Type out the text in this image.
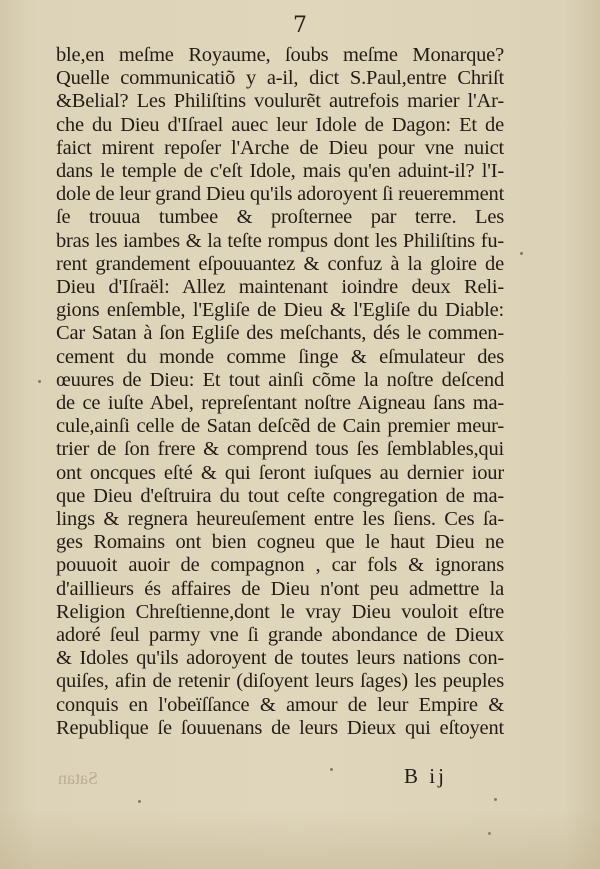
7
ble,en meſme Royaume, ſoubs meſme Monarque?
Quelle communicatiõ y a-il, dict S.Paul,entre Chriſt
&Belial? Les Philiſtins voulurẽt autrefois marier l'Ar-
che du Dieu d'Iſrael auec leur Idole de Dagon: Et de
faict mirent repoſer l'Arche de Dieu pour vne nuict
dans le temple de c'eſt Idole, mais qu'en aduint-il? l'I-
dole de leur grand Dieu qu'ils adoroyent ſi reueremment
ſe trouua tumbee & proſternee par terre. Les
bras les iambes & la teſte rompus dont les Philiſtins fu-
rent grandement eſpouuantez & confuz à la gloire de
Dieu d'Iſraël: Allez maintenant ioindre deux Reli-
gions enſemble, l'Egliſe de Dieu & l'Egliſe du Diable:
Car Satan à ſon Egliſe des meſchants, dés le commen-
cement du monde comme ſinge & eſmulateur des
œuures de Dieu: Et tout ainſi cõme la noſtre deſcend
de ce iuſte Abel, repreſentant noſtre Aigneau ſans ma-
cule,ainſi celle de Satan deſcẽd de Cain premier meur-
trier de ſon frere & comprend tous ſes ſemblables,qui
ont oncques eſté & qui ſeront iuſques au dernier iour
que Dieu d'eſtruira du tout ceſte congregation de ma-
lings & regnera heureuſement entre les ſiens. Ces ſa-
ges Romains ont bien cogneu que le haut Dieu ne
pouuoit auoir de compagnon , car fols & ignorans
d'aillieurs és affaires de Dieu n'ont peu admettre la
Religion Chreſtienne,dont le vray Dieu vouloit eſtre
adoré ſeul parmy vne ſi grande abondance de Dieux
& Idoles qu'ils adoroyent de toutes leurs nations con-
quiſes, afin de retenir (diſoyent leurs ſages) les peuples
conquis en l'obeïſſance & amour de leur Empire &
Republique ſe ſouuenans de leurs Dieux qui eſtoyent
B ij
Satan
